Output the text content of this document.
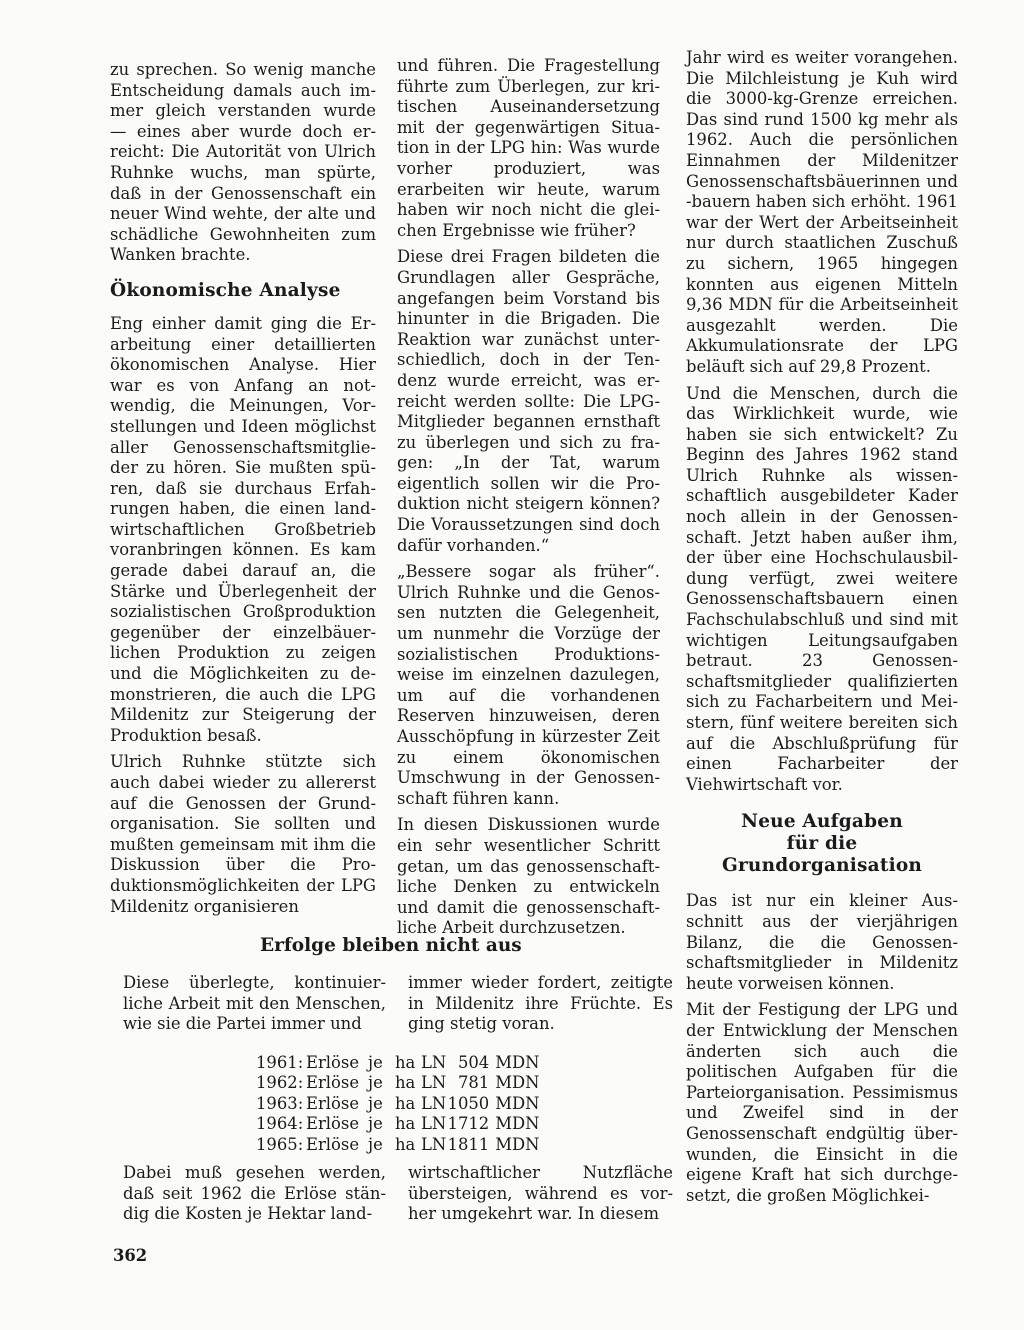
zu sprechen. So wenig manche Entscheidung damals auch immer gleich verstanden wurde — eines aber wurde doch erreicht: Die Autorität von Ulrich Ruhnke wuchs, man spürte, daß in der Genossenschaft ein neuer Wind wehte, der alte und schädliche Gewohnheiten zum Wanken brachte.

Ökonomische Analyse

Eng einher damit ging die Erarbeitung einer detaillierten ökonomischen Analyse. Hier war es von Anfang an notwendig, die Meinungen, Vorstellungen und Ideen möglichst aller Genossenschaftsmitglieder zu hören. Sie mußten spüren, daß sie durchaus Erfahrungen haben, die einen landwirtschaftlichen Großbetrieb voranbringen können. Es kam gerade dabei darauf an, die Stärke und Überlegenheit der sozialistischen Großproduktion gegenüber der einzelbäuerlichen Produktion zu zeigen und die Möglichkeiten zu demonstrieren, die auch die LPG Mildenitz zur Steigerung der Produktion besaß.

Ulrich Ruhnke stützte sich auch dabei wieder zu allererst auf die Genossen der Grundorganisation. Sie sollten und mußten gemeinsam mit ihm die Diskussion über die Produktionsmöglichkeiten der LPG Mildenitz organisieren

und führen. Die Fragestellung führte zum Überlegen, zur kritischen Auseinandersetzung mit der gegenwärtigen Situation in der LPG hin: Was wurde vorher produziert, was erarbeiten wir heute, warum haben wir noch nicht die gleichen Ergebnisse wie früher?

Diese drei Fragen bildeten die Grundlagen aller Gespräche, angefangen beim Vorstand bis hinunter in die Brigaden. Die Reaktion war zunächst unterschiedlich, doch in der Tendenz wurde erreicht, was erreicht werden sollte: Die LPG-Mitglieder begannen ernsthaft zu überlegen und sich zu fragen: „In der Tat, warum eigentlich sollen wir die Produktion nicht steigern können? Die Voraussetzungen sind doch dafür vorhanden.“

„Bessere sogar als früher“. Ulrich Ruhnke und die Genossen nutzten die Gelegenheit, um nunmehr die Vorzüge der sozialistischen Produktionsweise im einzelnen dazulegen, um auf die vorhandenen Reserven hinzuweisen, deren Ausschöpfung in kürzester Zeit zu einem ökonomischen Umschwung in der Genossenschaft führen kann.

In diesen Diskussionen wurde ein sehr wesentlicher Schritt getan, um das genossenschaftliche Denken zu entwickeln und damit die genossenschaftliche Arbeit durchzusetzen.

Jahr wird es weiter vorangehen. Die Milchleistung je Kuh wird die 3000-kg-Grenze erreichen. Das sind rund 1500 kg mehr als 1962. Auch die persönlichen Einnahmen der Mildenitzer Genossenschaftsbäuerinnen und -bauern haben sich erhöht. 1961 war der Wert der Arbeitseinheit nur durch staatlichen Zuschuß zu sichern, 1965 hingegen konnten aus eigenen Mitteln 9,36 MDN für die Arbeitseinheit ausgezahlt werden. Die Akkumulationsrate der LPG beläuft sich auf 29,8 Prozent.

Und die Menschen, durch die das Wirklichkeit wurde, wie haben sie sich entwickelt? Zu Beginn des Jahres 1962 stand Ulrich Ruhnke als wissenschaftlich ausgebildeter Kader noch allein in der Genossenschaft. Jetzt haben außer ihm, der über eine Hochschulausbildung verfügt, zwei weitere Genossenschaftsbauern einen Fachschulabschluß und sind mit wichtigen Leitungsaufgaben betraut. 23 Genossenschaftsmitglieder qualifizierten sich zu Facharbeitern und Meistern, fünf weitere bereiten sich auf die Abschlußprüfung für einen Facharbeiter der Viehwirtschaft vor.

Neue Aufgaben
für die Grundorganisation

Das ist nur ein kleiner Ausschnitt aus der vierjährigen Bilanz, die die Genossenschaftsmitglieder in Mildenitz heute vorweisen können.

Mit der Festigung der LPG und der Entwicklung der Menschen änderten sich auch die politischen Aufgaben für die Parteiorganisation. Pessimismus und Zweifel sind in der Genossenschaft endgültig überwunden, die Einsicht in die eigene Kraft hat sich durchgesetzt, die großen Möglichkei-

Erfolge bleiben nicht aus

Diese überlegte, kontinuierliche Arbeit mit den Menschen, wie sie die Partei immer und

immer wieder fordert, zeitigte in Mildenitz ihre Früchte. Es ging stetig voran.

1961:	Erlöse	je	ha	LN	504	MDN
1962:	Erlöse	je	ha	LN	781	MDN
1963:	Erlöse	je	ha	LN	1050	MDN
1964:	Erlöse	je	ha	LN	1712	MDN
1965:	Erlöse	je	ha	LN	1811	MDN

Dabei muß gesehen werden, daß seit 1962 die Erlöse ständig die Kosten je Hektar land-

wirtschaftlicher Nutzfläche übersteigen, während es vorher umgekehrt war. In diesem

362
